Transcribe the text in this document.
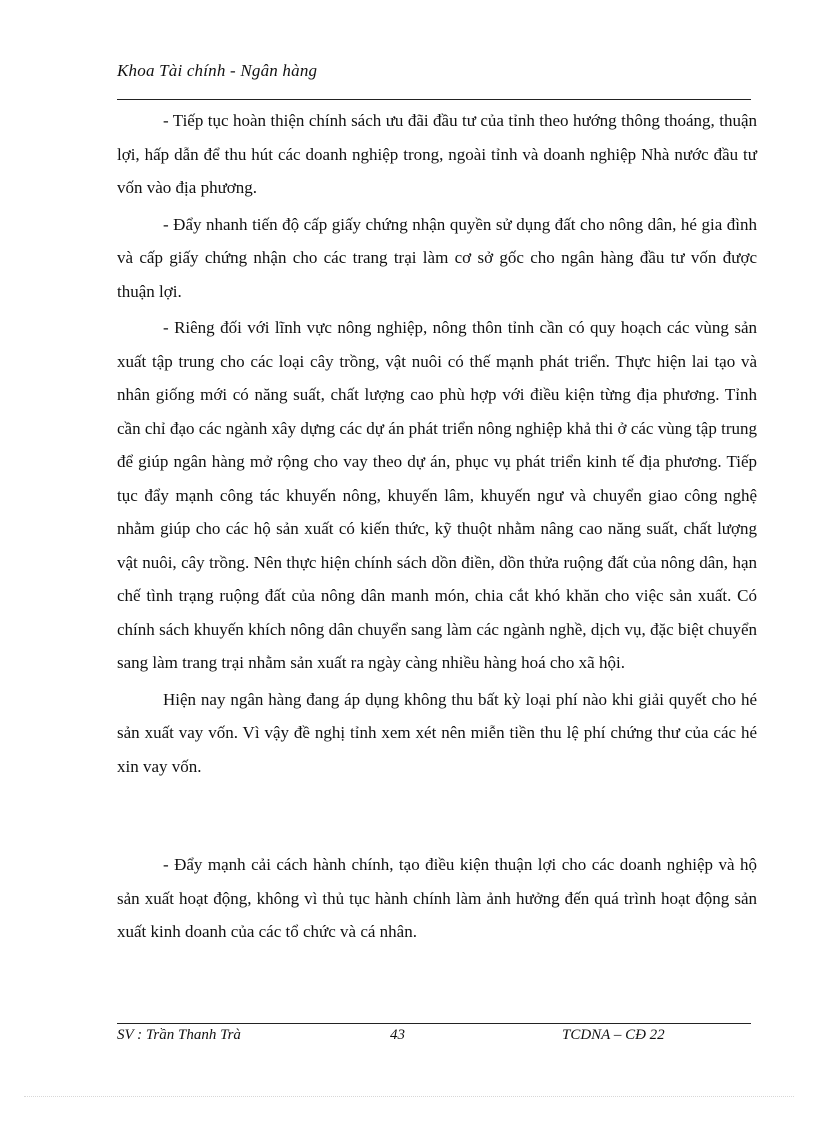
Khoa Tài chính - Ngân hàng

- Tiếp tục hoàn thiện chính sách ưu đãi đầu tư của tỉnh theo hướng thông thoáng, thuận lợi, hấp dẫn để thu hút các doanh nghiệp trong, ngoài tỉnh và doanh nghiệp Nhà nước đầu tư vốn vào địa phương.

- Đẩy nhanh tiến độ cấp giấy chứng nhận quyền sử dụng đất cho nông dân, hé gia đình và cấp giấy chứng nhận cho các trang trại làm cơ sở gốc cho ngân hàng đầu tư vốn được thuận lợi.

- Riêng đối với lĩnh vực nông nghiệp, nông thôn tỉnh cần có quy hoạch các vùng sản xuất tập trung cho các loại cây trồng, vật nuôi có thế mạnh phát triển. Thực hiện lai tạo và nhân giống mới có năng suất, chất lượng cao phù hợp với điều kiện từng địa phương. Tỉnh cần chỉ đạo các ngành xây dựng các dự án phát triển nông nghiệp khả thi ở các vùng tập trung để giúp ngân hàng mở rộng cho vay theo dự án, phục vụ phát triển kinh tế địa phương. Tiếp tục đẩy mạnh công tác khuyến nông, khuyến lâm, khuyến ngư và chuyển giao công nghệ nhằm giúp cho các hộ sản xuất có kiến thức, kỹ thuột nhằm nâng cao năng suất, chất lượng vật nuôi, cây trồng. Nên thực hiện chính sách dồn điền, dồn thửa ruộng đất của nông dân, hạn chế tình trạng ruộng đất của nông dân manh món, chia cắt khó khăn cho việc sản xuất. Có chính sách khuyến khích nông dân chuyển sang làm các ngành nghề, dịch vụ, đặc biệt chuyển sang làm trang trại nhằm sản xuất ra ngày càng nhiều hàng hoá cho xã hội.

Hiện nay ngân hàng đang áp dụng không thu bất kỳ loại phí nào khi giải quyết cho hé sản xuất vay vốn. Vì vậy đề nghị tỉnh xem xét nên miễn tiền thu lệ phí chứng thư của các hé xin vay vốn.

- Đẩy mạnh cải cách hành chính, tạo điều kiện thuận lợi cho các doanh nghiệp và hộ sản xuất hoạt động, không vì thủ tục hành chính làm ảnh hưởng đến quá trình hoạt động sản xuất kinh doanh của các tổ chức và cá nhân.

SV : Trần Thanh Trà	43	TCDNA – CĐ 22
